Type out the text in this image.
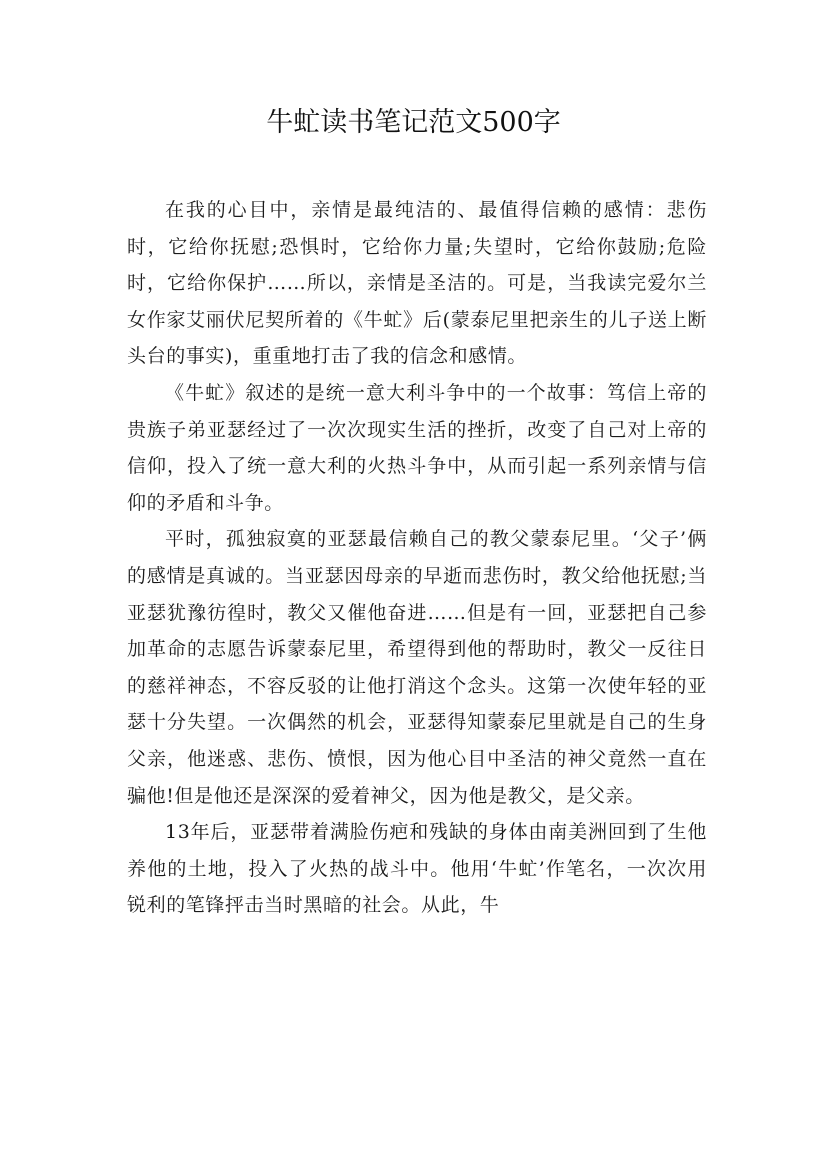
牛虻读书笔记范文500字

在我的心目中，亲情是最纯洁的、最值得信赖的感情：悲伤时，它给你抚慰;恐惧时，它给你力量;失望时，它给你鼓励;危险时，它给你保护……所以，亲情是圣洁的。可是，当我读完爱尔兰女作家艾丽伏尼契所着的《牛虻》后(蒙泰尼里把亲生的儿子送上断头台的事实)，重重地打击了我的信念和感情。

《牛虻》叙述的是统一意大利斗争中的一个故事：笃信上帝的贵族子弟亚瑟经过了一次次现实生活的挫折，改变了自己对上帝的信仰，投入了统一意大利的火热斗争中，从而引起一系列亲情与信仰的矛盾和斗争。

平时，孤独寂寞的亚瑟最信赖自己的教父蒙泰尼里。‘父子’俩的感情是真诚的。当亚瑟因母亲的早逝而悲伤时，教父给他抚慰;当亚瑟犹豫彷徨时，教父又催他奋进……但是有一回，亚瑟把自己参加革命的志愿告诉蒙泰尼里，希望得到他的帮助时，教父一反往日的慈祥神态，不容反驳的让他打消这个念头。这第一次使年轻的亚瑟十分失望。一次偶然的机会，亚瑟得知蒙泰尼里就是自己的生身父亲，他迷惑、悲伤、愤恨，因为他心目中圣洁的神父竟然一直在骗他!但是他还是深深的爱着神父，因为他是教父，是父亲。

13年后，亚瑟带着满脸伤疤和残缺的身体由南美洲回到了生他养他的土地，投入了火热的战斗中。他用‘牛虻’作笔名，一次次用锐利的笔锋抨击当时黑暗的社会。从此，牛
